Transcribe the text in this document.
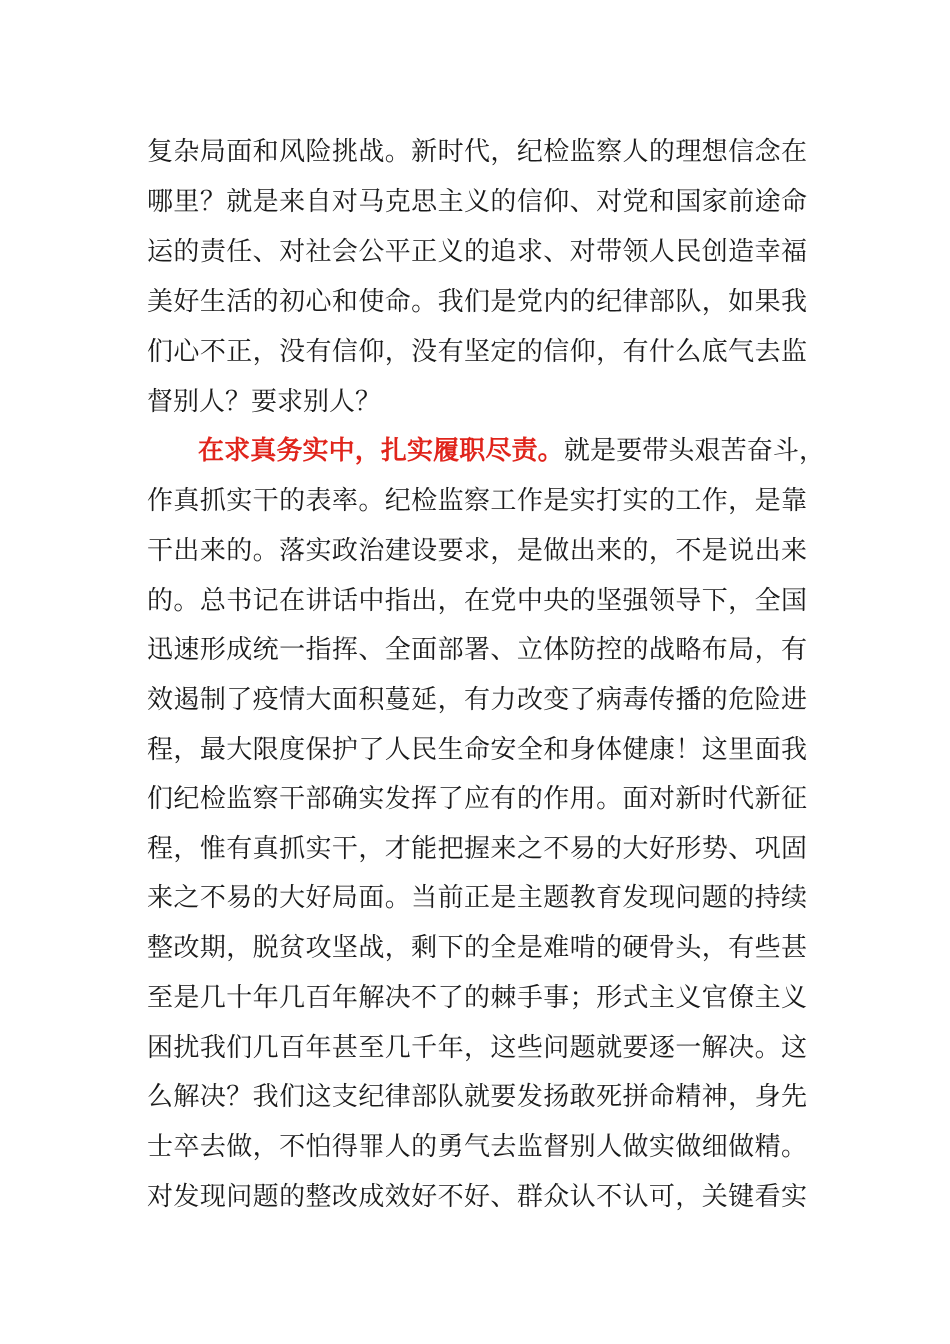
复杂局面和风险挑战。新时代，纪检监察人的理想信念在
哪里？就是来自对马克思主义的信仰、对党和国家前途命
运的责任、对社会公平正义的追求、对带领人民创造幸福
美好生活的初心和使命。我们是党内的纪律部队，如果我
们心不正，没有信仰，没有坚定的信仰，有什么底气去监
督别人？要求别人？
在求真务实中，扎实履职尽责。就是要带头艰苦奋斗，
作真抓实干的表率。纪检监察工作是实打实的工作，是靠
干出来的。落实政治建设要求，是做出来的，不是说出来
的。总书记在讲话中指出，在党中央的坚强领导下，全国
迅速形成统一指挥、全面部署、立体防控的战略布局，有
效遏制了疫情大面积蔓延，有力改变了病毒传播的危险进
程，最大限度保护了人民生命安全和身体健康！这里面我
们纪检监察干部确实发挥了应有的作用。面对新时代新征
程，惟有真抓实干，才能把握来之不易的大好形势、巩固
来之不易的大好局面。当前正是主题教育发现问题的持续
整改期，脱贫攻坚战，剩下的全是难啃的硬骨头，有些甚
至是几十年几百年解决不了的棘手事；形式主义官僚主义
困扰我们几百年甚至几千年，这些问题就要逐一解决。这
么解决？我们这支纪律部队就要发扬敢死拼命精神，身先
士卒去做，不怕得罪人的勇气去监督别人做实做细做精。
对发现问题的整改成效好不好、群众认不认可，关键看实
